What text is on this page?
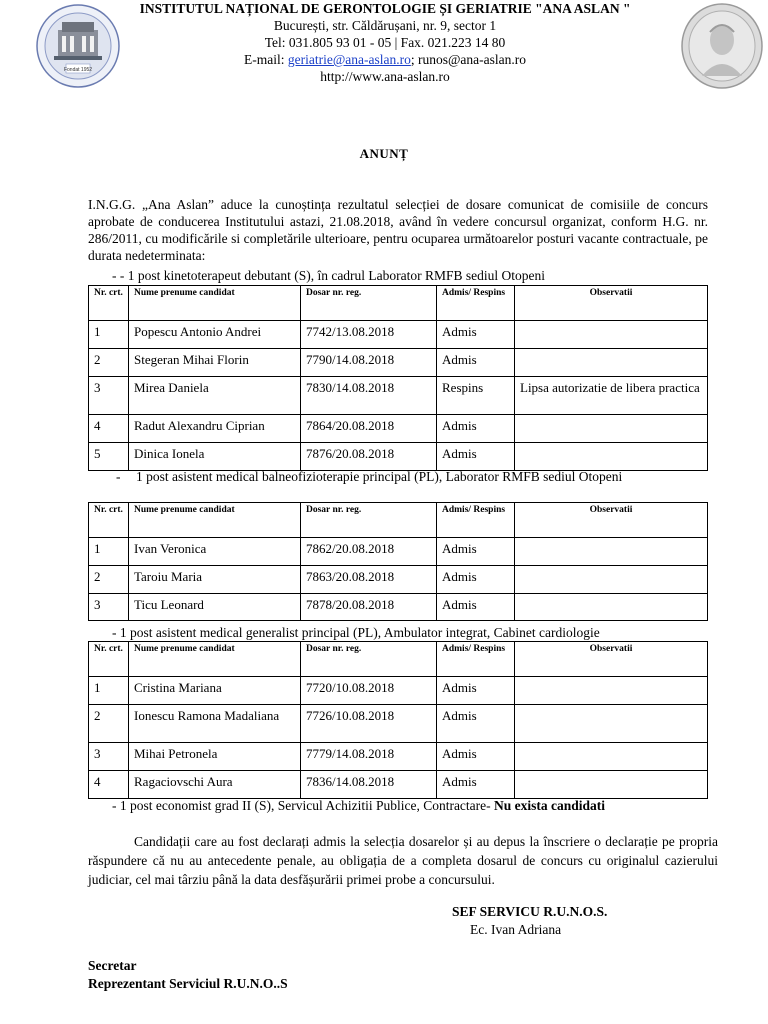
Fondat 1952
INSTITUTUL NAȚIONAL DE GERONTOLOGIE ȘI GERIATRIE "ANA ASLAN "
București, str. Căldărușani, nr. 9, sector 1
Tel: 031.805 93 01 - 05 | Fax. 021.223 14 80
E-mail: geriatrie@ana-aslan.ro; runos@ana-aslan.ro
http://www.ana-aslan.ro
ANUNȚ
I.N.G.G. „Ana Aslan” aduce la cunoștința rezultatul selecției de dosare comunicat de comisiile de concurs aprobate de conducerea Institutului astazi, 21.08.2018, având în vedere concursul organizat, conform H.G. nr. 286/2011, cu modificările si completările ulterioare, pentru ocuparea următoarelor posturi vacante contractuale, pe durata nedeterminata:
- - 1 post kinetoterapeut debutant (S), în cadrul Laborator RMFB sediul Otopeni
Nr. crt.	Nume prenume candidat	Dosar nr. reg.	Admis/ Respins	Observatii
1	Popescu Antonio Andrei	7742/13.08.2018	Admis	
2	Stegeran Mihai Florin	7790/14.08.2018	Admis	
3	Mirea Daniela	7830/14.08.2018	Respins	Lipsa autorizatie de libera practica
4	Radut Alexandru Ciprian	7864/20.08.2018	Admis	
5	Dinica Ionela	7876/20.08.2018	Admis	
- 1 post asistent medical balneofizioterapie principal (PL), Laborator RMFB sediul Otopeni
Nr. crt.	Nume prenume candidat	Dosar nr. reg.	Admis/ Respins	Observatii
1	Ivan Veronica	7862/20.08.2018	Admis	
2	Taroiu Maria	7863/20.08.2018	Admis	
3	Ticu Leonard	7878/20.08.2018	Admis	
- 1 post asistent medical generalist principal (PL), Ambulator integrat, Cabinet cardiologie
Nr. crt.	Nume prenume candidat	Dosar nr. reg.	Admis/ Respins	Observatii
1	Cristina Mariana	7720/10.08.2018	Admis	
2	Ionescu Ramona Madaliana	7726/10.08.2018	Admis	
3	Mihai Petronela	7779/14.08.2018	Admis	
4	Ragaciovschi Aura	7836/14.08.2018	Admis	
- 1 post economist grad II (S), Servicul Achizitii Publice, Contractare- Nu exista candidati
Candidații care au fost declarați admis la selecția dosarelor și au depus la înscriere o declarație pe propria răspundere că nu au antecedente penale, au obligația de a completa dosarul de concurs cu originalul cazierului judiciar, cel mai târziu până la data desfășurării primei probe a concursului.
SEF SERVICU R.U.N.O.S.
Ec. Ivan Adriana
Secretar
Reprezentant Serviciul R.U.N.O..S
